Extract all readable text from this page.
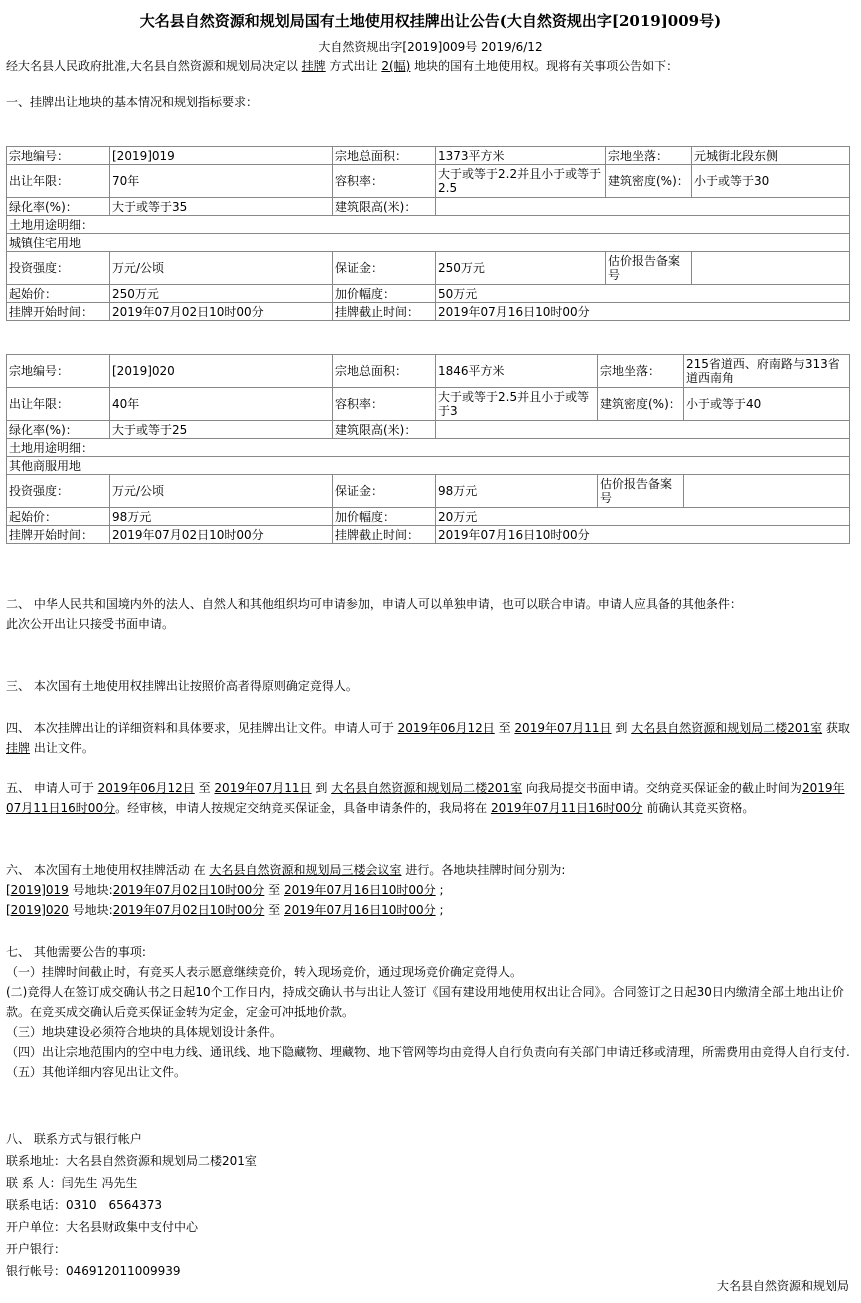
大名县自然资源和规划局国有土地使用权挂牌出让公告(大自然资规出字[2019]009号)
大自然资规出字[2019]009号 2019/6/12
经大名县人民政府批准,大名县自然资源和规划局决定以 挂牌 方式出让 2(幅) 地块的国有土地使用权。现将有关事项公告如下：
一、挂牌出让地块的基本情况和规划指标要求：
宗地编号：	[2019]019	宗地总面积：	1373平方米	宗地坐落：	元城街北段东侧
出让年限：	70年	容积率：	大于或等于2.2并且小于或等于2.5	建筑密度(%)：	小于或等于30
绿化率(%)：	大于或等于35	建筑限高(米)：			
土地用途明细：					
城镇住宅用地					
投资强度：	万元/公顷	保证金：	250万元	估价报告备案号	
起始价：	250万元	加价幅度：	50万元		
挂牌开始时间：	2019年07月02日10时00分	挂牌截止时间：	2019年07月16日10时00分		
宗地编号：	[2019]020	宗地总面积：	1846平方米	宗地坐落：	215省道西、府南路与313省道西南角
出让年限：	40年	容积率：	大于或等于2.5并且小于或等于3	建筑密度(%)：	小于或等于40
绿化率(%)：	大于或等于25	建筑限高(米)：			
土地用途明细：					
其他商服用地					
投资强度：	万元/公顷	保证金：	98万元	估价报告备案号	
起始价：	98万元	加价幅度：	20万元		
挂牌开始时间：	2019年07月02日10时00分	挂牌截止时间：	2019年07月16日10时00分		
二、 中华人民共和国境内外的法人、自然人和其他组织均可申请参加，申请人可以单独申请，也可以联合申请。申请人应具备的其他条件：
此次公开出让只接受书面申请。
三、 本次国有土地使用权挂牌出让按照价高者得原则确定竞得人。
四、 本次挂牌出让的详细资料和具体要求，见挂牌出让文件。申请人可于 2019年06月12日 至 2019年07月11日 到 大名县自然资源和规划局二楼201室 获取 挂牌 出让文件。
五、 申请人可于 2019年06月12日 至 2019年07月11日 到 大名县自然资源和规划局二楼201室 向我局提交书面申请。交纳竞买保证金的截止时间为2019年07月11日16时00分。经审核，申请人按规定交纳竞买保证金，具备申请条件的，我局将在 2019年07月11日16时00分 前确认其竞买资格。
六、 本次国有土地使用权挂牌活动 在 大名县自然资源和规划局三楼会议室 进行。各地块挂牌时间分别为:
[2019]019 号地块:2019年07月02日10时00分 至 2019年07月16日10时00分 ;
[2019]020 号地块:2019年07月02日10时00分 至 2019年07月16日10时00分 ;
七、 其他需要公告的事项:
（一）挂牌时间截止时，有竞买人表示愿意继续竞价，转入现场竞价，通过现场竞价确定竞得人。
(二)竞得人在签订成交确认书之日起10个工作日内，持成交确认书与出让人签订《国有建设用地使用权出让合同》。合同签订之日起30日内缴清全部土地出让价款。在竞买成交确认后竞买保证金转为定金，定金可冲抵地价款。
（三）地块建设必须符合地块的具体规划设计条件。
（四）出让宗地范围内的空中电力线、通讯线、地下隐藏物、埋藏物、地下管网等均由竞得人自行负责向有关部门申请迁移或清理，所需费用由竞得人自行支付.
（五）其他详细内容见出让文件。
八、 联系方式与银行帐户
联系地址：大名县自然资源和规划局二楼201室
联 系 人：闫先生 冯先生
联系电话：0310　6564373
开户单位：大名县财政集中支付中心
开户银行：
银行帐号：046912011009939
大名县自然资源和规划局
